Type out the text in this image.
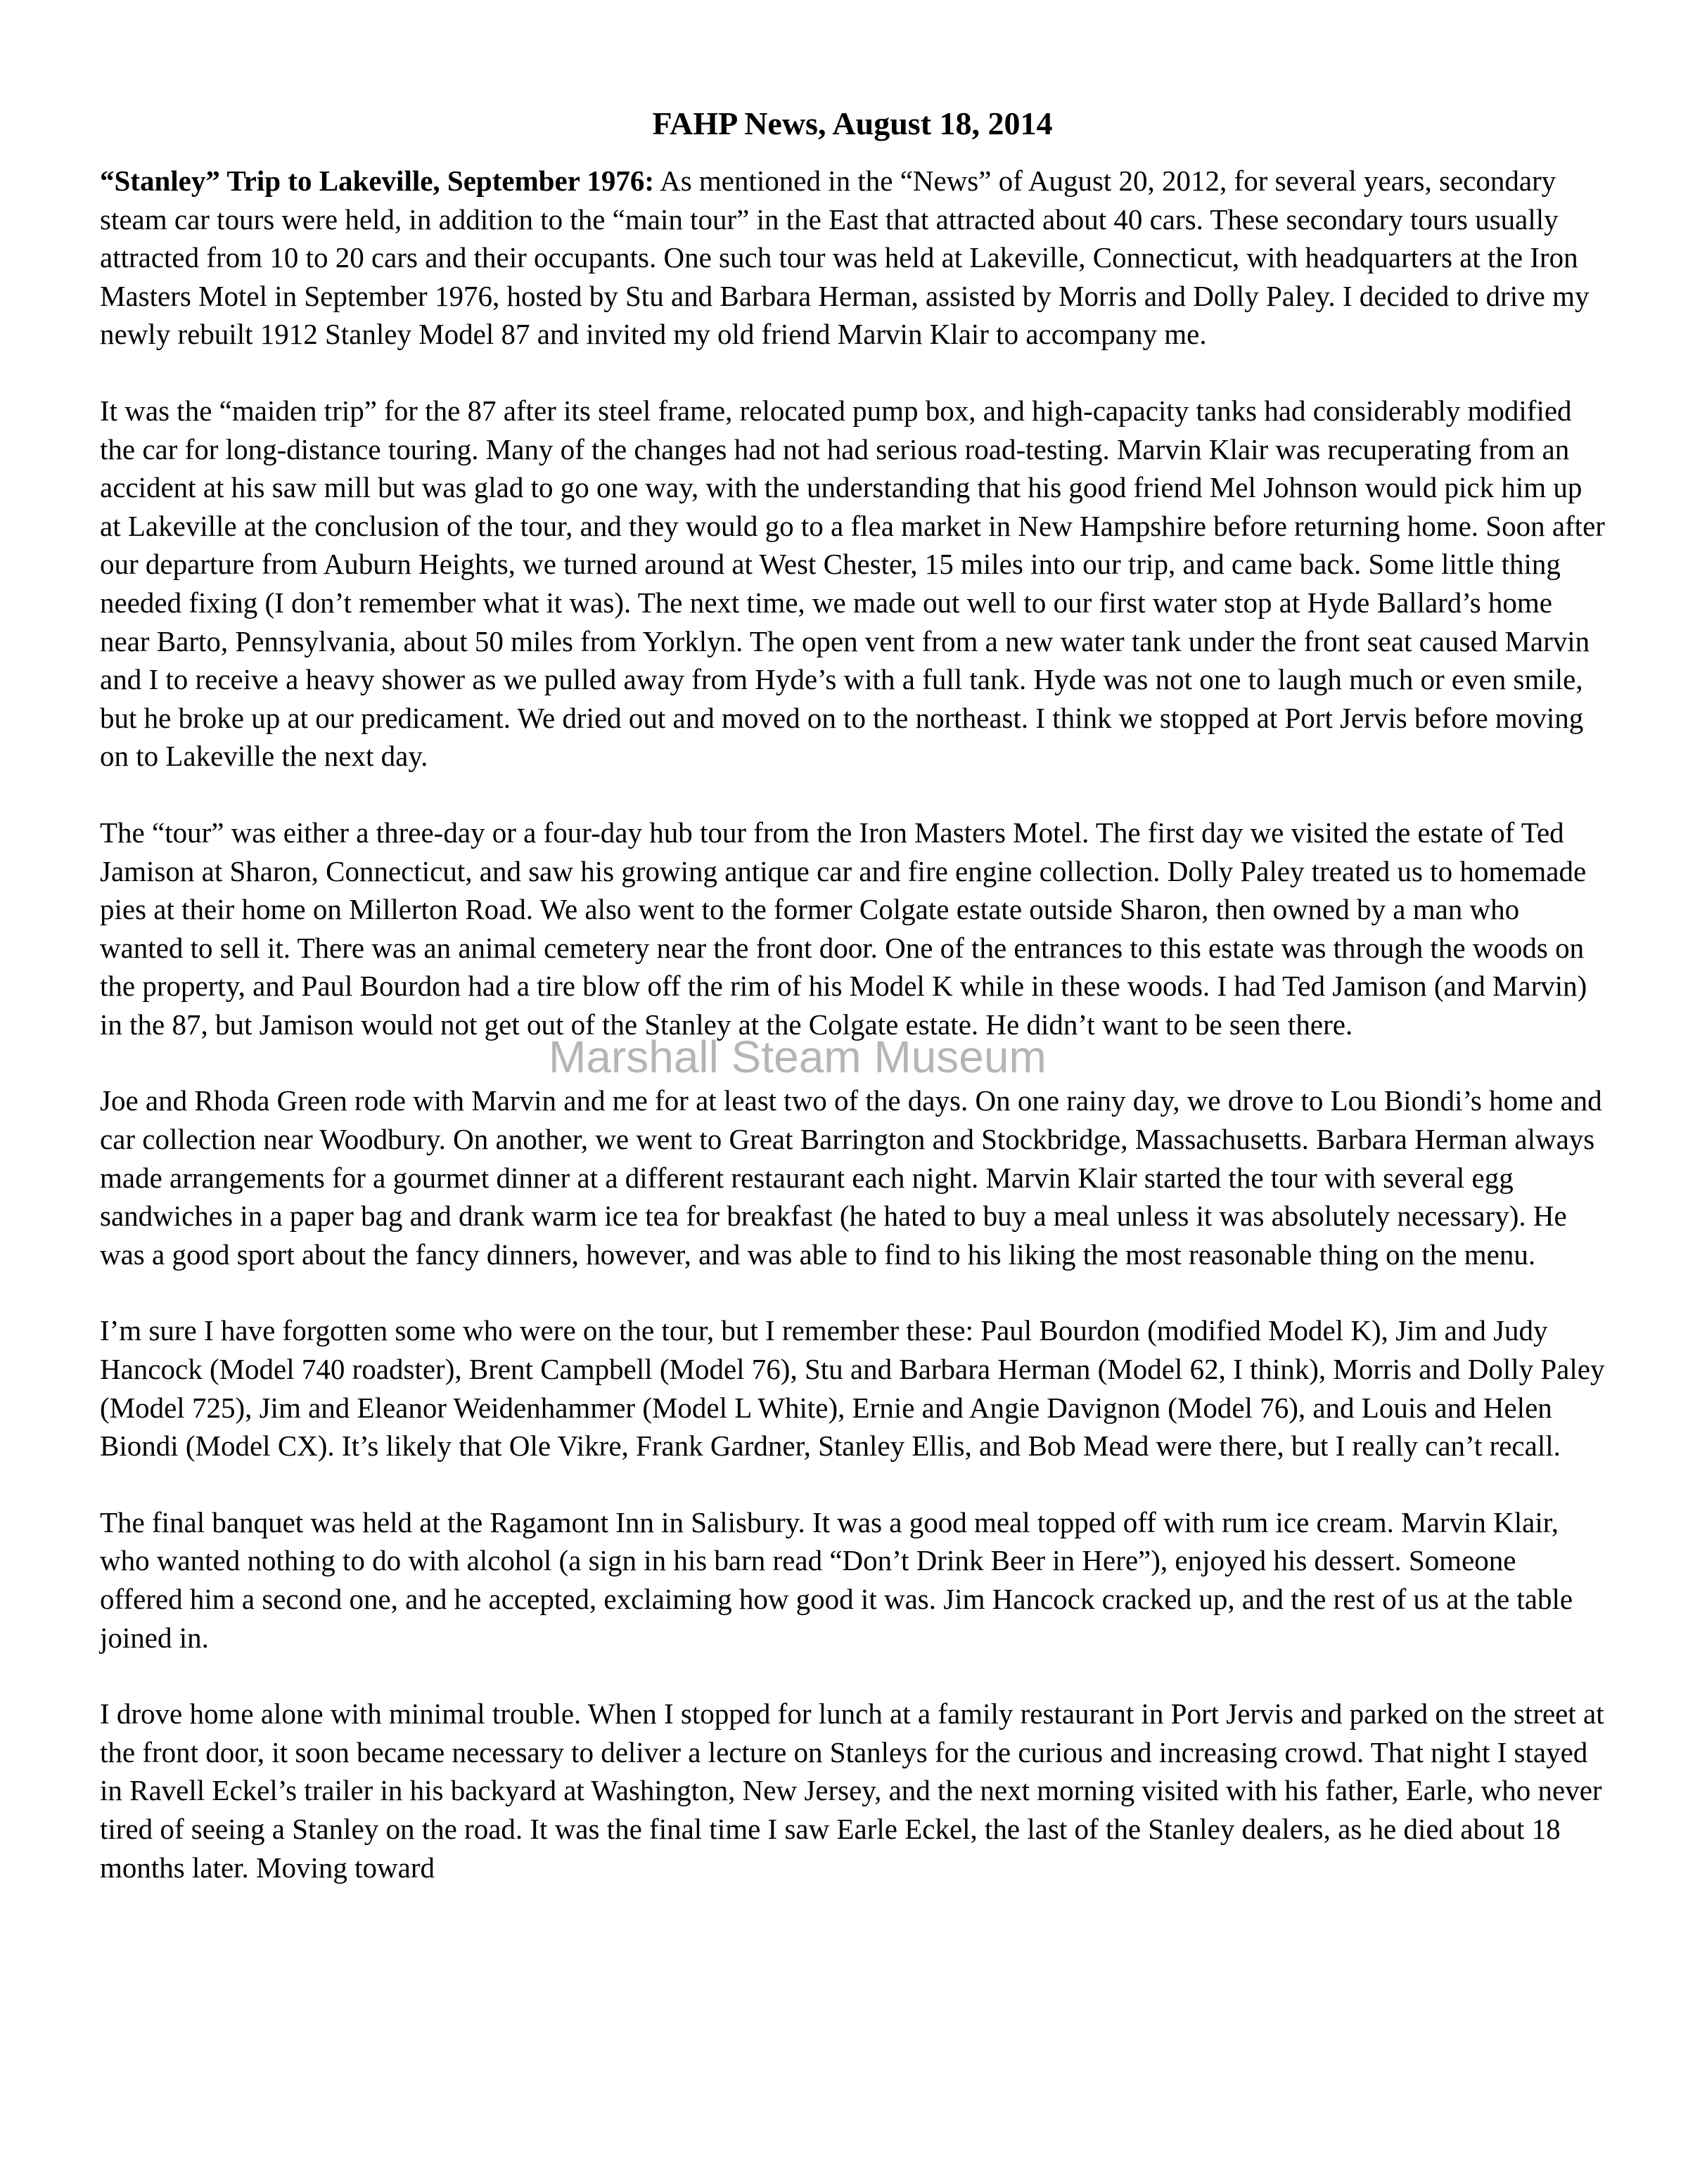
FAHP News, August 18, 2014

“Stanley” Trip to Lakeville, September 1976: As mentioned in the “News” of August 20, 2012, for several years, secondary steam car tours were held, in addition to the “main tour” in the East that attracted about 40 cars. These secondary tours usually attracted from 10 to 20 cars and their occupants. One such tour was held at Lakeville, Connecticut, with headquarters at the Iron Masters Motel in September 1976, hosted by Stu and Barbara Herman, assisted by Morris and Dolly Paley. I decided to drive my newly rebuilt 1912 Stanley Model 87 and invited my old friend Marvin Klair to accompany me.

It was the “maiden trip” for the 87 after its steel frame, relocated pump box, and high-capacity tanks had considerably modified the car for long-distance touring. Many of the changes had not had serious road-testing. Marvin Klair was recuperating from an accident at his saw mill but was glad to go one way, with the understanding that his good friend Mel Johnson would pick him up at Lakeville at the conclusion of the tour, and they would go to a flea market in New Hampshire before returning home. Soon after our departure from Auburn Heights, we turned around at West Chester, 15 miles into our trip, and came back. Some little thing needed fixing (I don’t remember what it was). The next time, we made out well to our first water stop at Hyde Ballard’s home near Barto, Pennsylvania, about 50 miles from Yorklyn. The open vent from a new water tank under the front seat caused Marvin and I to receive a heavy shower as we pulled away from Hyde’s with a full tank. Hyde was not one to laugh much or even smile, but he broke up at our predicament. We dried out and moved on to the northeast. I think we stopped at Port Jervis before moving on to Lakeville the next day.

The “tour” was either a three-day or a four-day hub tour from the Iron Masters Motel. The first day we visited the estate of Ted Jamison at Sharon, Connecticut, and saw his growing antique car and fire engine collection. Dolly Paley treated us to homemade pies at their home on Millerton Road. We also went to the former Colgate estate outside Sharon, then owned by a man who wanted to sell it. There was an animal cemetery near the front door. One of the entrances to this estate was through the woods on the property, and Paul Bourdon had a tire blow off the rim of his Model K while in these woods. I had Ted Jamison (and Marvin) in the 87, but Jamison would not get out of the Stanley at the Colgate estate. He didn’t want to be seen there.

Joe and Rhoda Green rode with Marvin and me for at least two of the days. On one rainy day, we drove to Lou Biondi’s home and car collection near Woodbury. On another, we went to Great Barrington and Stockbridge, Massachusetts. Barbara Herman always made arrangements for a gourmet dinner at a different restaurant each night. Marvin Klair started the tour with several egg sandwiches in a paper bag and drank warm ice tea for breakfast (he hated to buy a meal unless it was absolutely necessary). He was a good sport about the fancy dinners, however, and was able to find to his liking the most reasonable thing on the menu.

I’m sure I have forgotten some who were on the tour, but I remember these: Paul Bourdon (modified Model K), Jim and Judy Hancock (Model 740 roadster), Brent Campbell (Model 76), Stu and Barbara Herman (Model 62, I think), Morris and Dolly Paley (Model 725), Jim and Eleanor Weidenhammer (Model L White), Ernie and Angie Davignon (Model 76), and Louis and Helen Biondi (Model CX). It’s likely that Ole Vikre, Frank Gardner, Stanley Ellis, and Bob Mead were there, but I really can’t recall.

The final banquet was held at the Ragamont Inn in Salisbury. It was a good meal topped off with rum ice cream. Marvin Klair, who wanted nothing to do with alcohol (a sign in his barn read “Don’t Drink Beer in Here”), enjoyed his dessert. Someone offered him a second one, and he accepted, exclaiming how good it was. Jim Hancock cracked up, and the rest of us at the table joined in.

I drove home alone with minimal trouble. When I stopped for lunch at a family restaurant in Port Jervis and parked on the street at the front door, it soon became necessary to deliver a lecture on Stanleys for the curious and increasing crowd. That night I stayed in Ravell Eckel’s trailer in his backyard at Washington, New Jersey, and the next morning visited with his father, Earle, who never tired of seeing a Stanley on the road. It was the final time I saw Earle Eckel, the last of the Stanley dealers, as he died about 18 months later. Moving toward

Marshall Steam Museum
